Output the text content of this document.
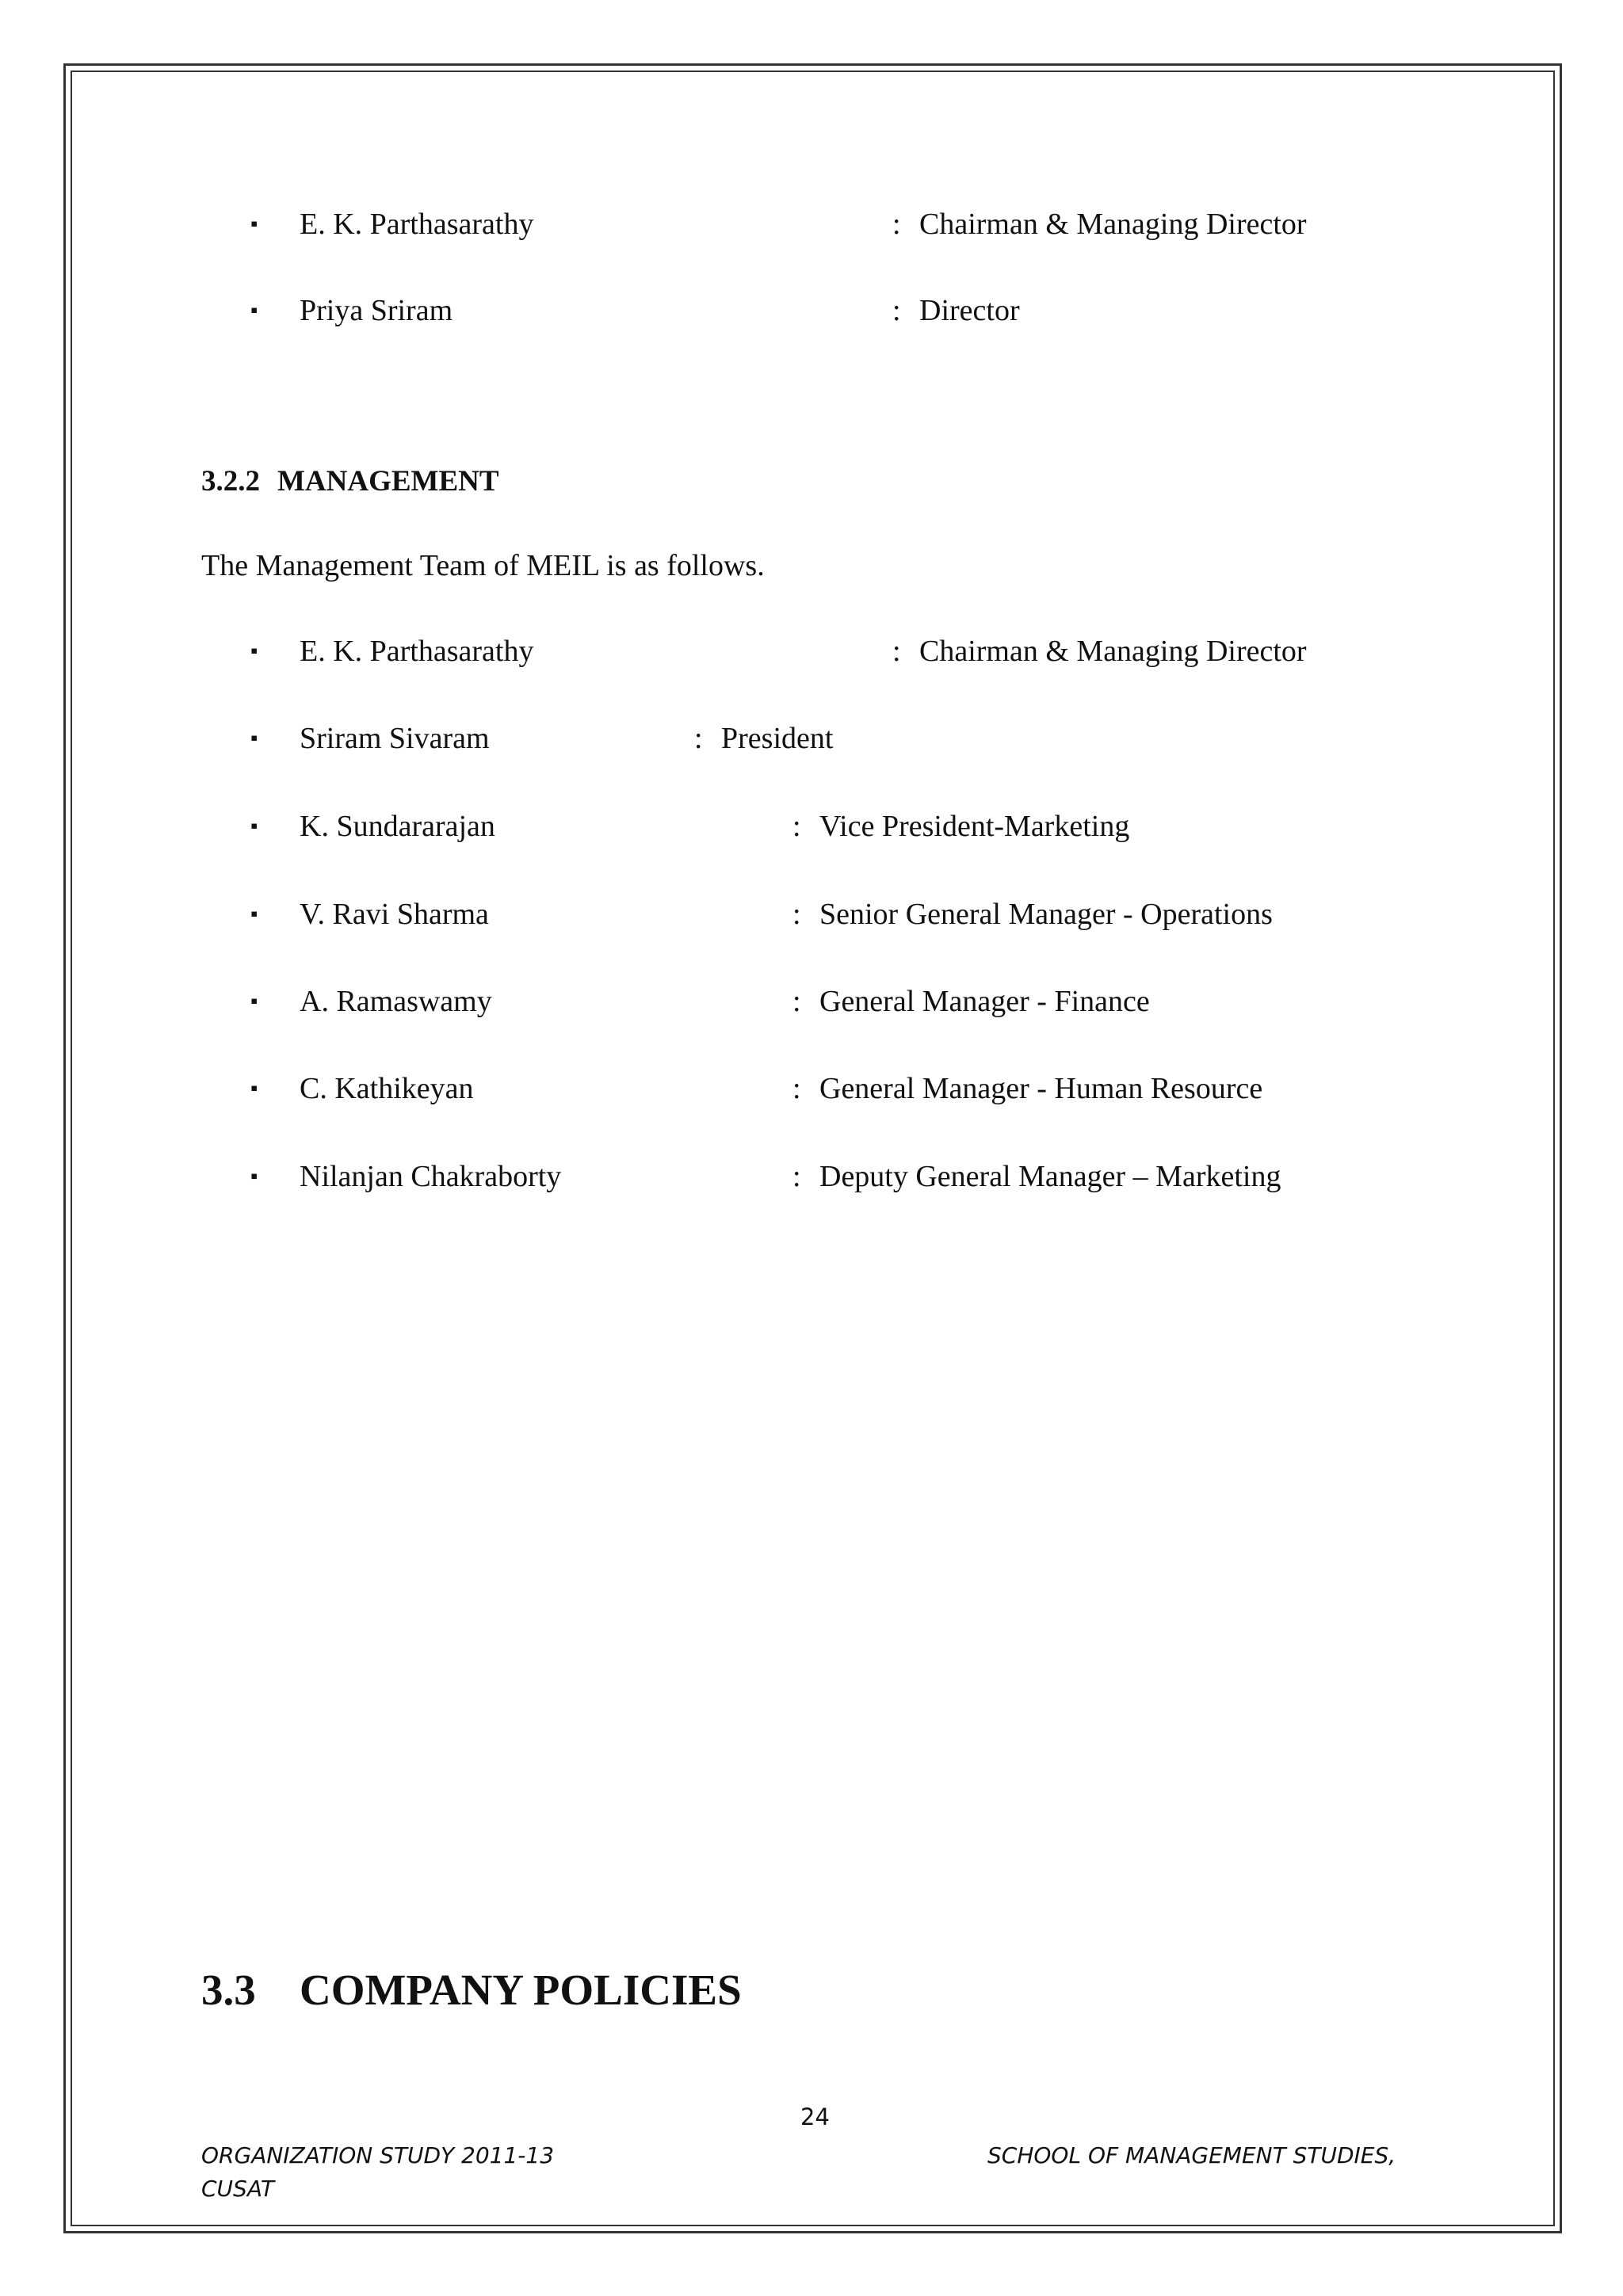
▪ E. K. Parthasarathy	: Chairman & Managing Director
▪ Priya Sriram	: Director
3.2.2 MANAGEMENT
The Management Team of MEIL is as follows.
▪ E. K. Parthasarathy	: Chairman & Managing Director
▪ Sriram Sivaram	: President
▪ K. Sundararajan	: Vice President-Marketing
▪ V. Ravi Sharma	: Senior General Manager - Operations
▪ A. Ramaswamy	: General Manager - Finance
▪ C. Kathikeyan	: General Manager - Human Resource
▪ Nilanjan Chakraborty	: Deputy General Manager – Marketing
3.3 COMPANY POLICIES
24
ORGANIZATION STUDY 2011-13	SCHOOL OF MANAGEMENT STUDIES,
CUSAT
